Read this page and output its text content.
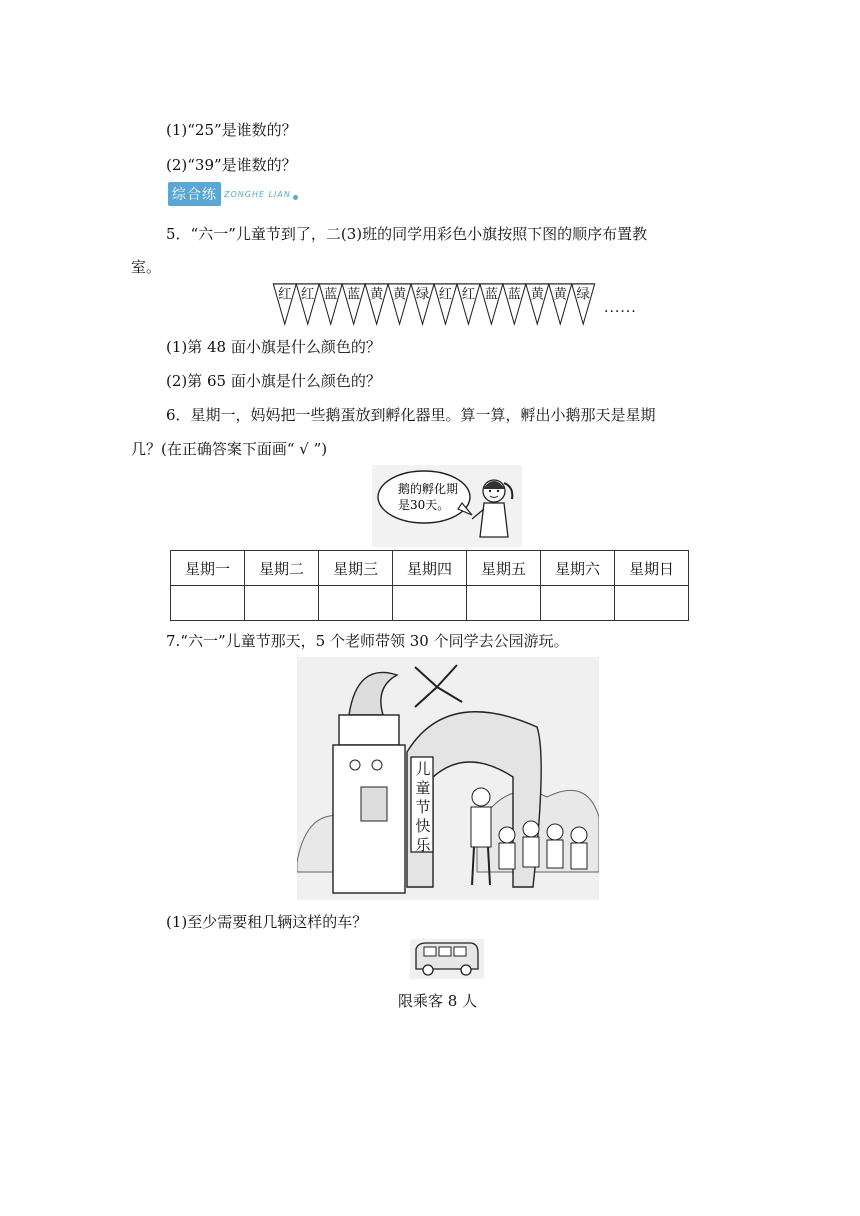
(1)“25”是谁数的？
(2)“39”是谁数的？
综合练 ZONGHE LIAN
5．“六一”儿童节到了，二(3)班的同学用彩色小旗按照下图的顺序布置教
室。
红 红 蓝 蓝 黄 黄 绿 红 红 蓝 蓝 黄 黄 绿
......
(1)第 48 面小旗是什么颜色的？
(2)第 65 面小旗是什么颜色的？
6．星期一，妈妈把一些鹅蛋放到孵化器里。算一算，孵出小鹅那天是星期
几？(在正确答案下面画“ √ ”)
鹅的孵化期
是30天。
星期一	星期二	星期三	星期四	星期五	星期六	星期日

7.“六一”儿童节那天，5 个老师带领 30 个同学去公园游玩。
儿
童
节
快
乐
(1)至少需要租几辆这样的车？
限乘客 8 人
